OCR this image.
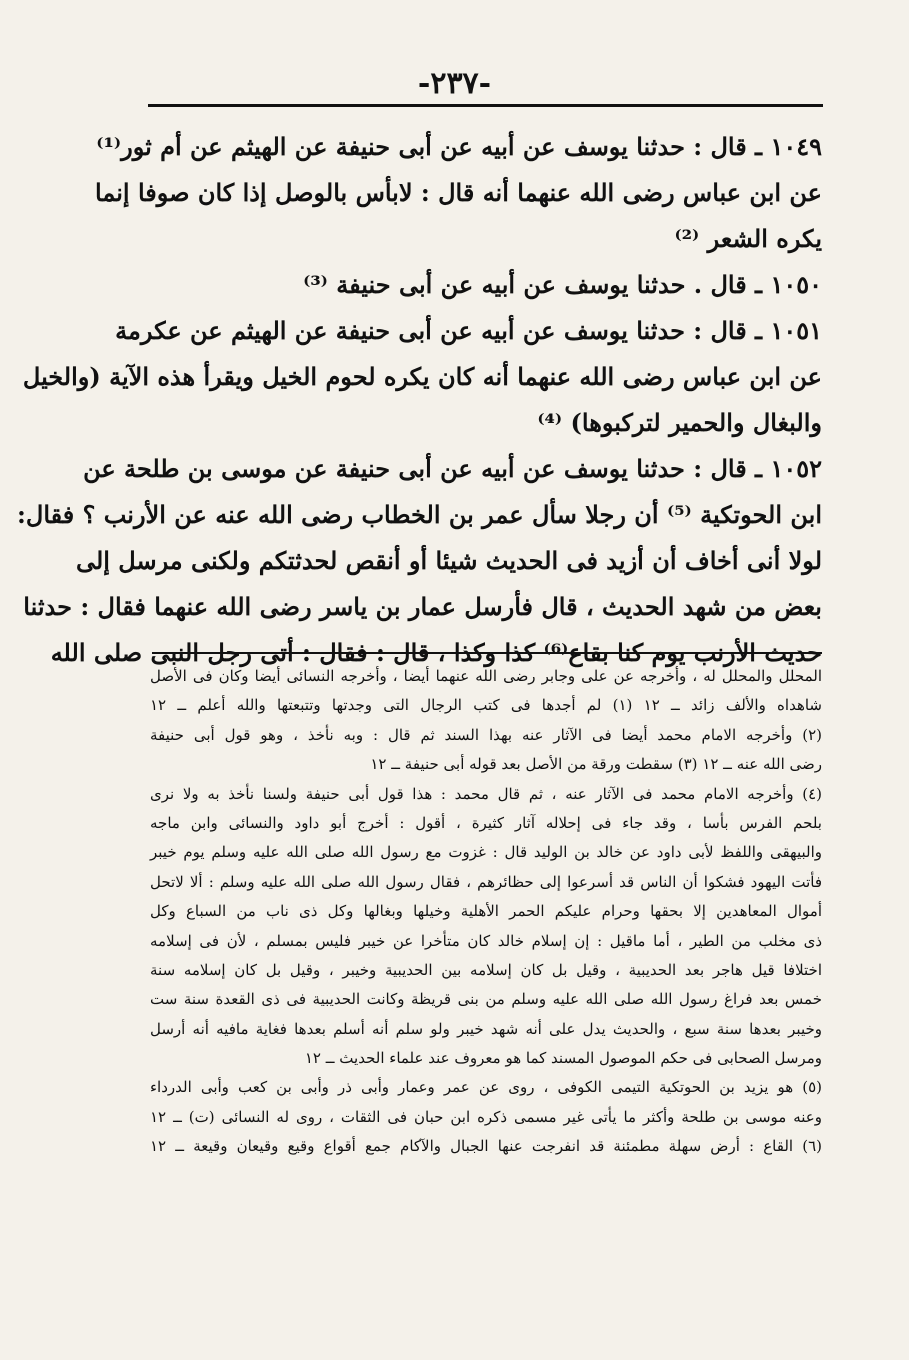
-٢٣٧-
١٠٤٩ ـ قال : حدثنا يوسف عن أبيه عن أبى حنيفة عن الهيثم عن أم ثور⁽¹⁾
عن ابن عباس رضى الله عنهما أنه قال : لابأس بالوصل إذا كان صوفا إنما
يكره الشعر ⁽²⁾
١٠٥٠ ـ قال . حدثنا يوسف عن أبيه عن أبى حنيفة ⁽³⁾
١٠٥١ ـ قال : حدثنا يوسف عن أبيه عن أبى حنيفة عن الهيثم عن عكرمة
عن ابن عباس رضى الله عنهما أنه كان يكره لحوم الخيل ويقرأ هذه الآية (والخيل
والبغال والحمير لتركبوها) ⁽⁴⁾
١٠٥٢ ـ قال : حدثنا يوسف عن أبيه عن أبى حنيفة عن موسى بن طلحة عن
ابن الحوتكية ⁽⁵⁾ أن رجلا سأل عمر بن الخطاب رضى الله عنه عن الأرنب ؟ فقال:
لولا أنى أخاف أن أزيد فى الحديث شيئا أو أنقص لحدثتكم ولكنى مرسل إلى
بعض من شهد الحديث ، قال فأرسل عمار بن ياسر رضى الله عنهما فقال : حدثنا
حديث الأرنب يوم كنا بقاع⁽⁶⁾ كذا وكذا ، قال : فقال : أتى رجل النبى صلى الله
المحلل والمحلل له ، وأخرجه عن على وجابر رضى الله عنهما أيضا ، وأخرجه النسائى أيضا وكان فى الأصل
شاهداه والألف زائد ــ ١٢ (١) لم أجدها فى كتب الرجال التى وجدتها وتتبعتها والله أعلم ــ ١٢
(٢) وأخرجه الامام محمد أيضا فى الآثار عنه بهذا السند ثم قال : وبه نأخذ ، وهو قول أبى حنيفة
رضى الله عنه ــ ١٢ (٣) سقطت ورقة من الأصل بعد قوله أبى حنيفة ــ ١٢
(٤) وأخرجه الامام محمد فى الآثار عنه ، ثم قال محمد : هذا قول أبى حنيفة ولسنا نأخذ به ولا نرى
بلحم الفرس بأسا ، وقد جاء فى إحلاله آثار كثيرة ، أقول : أخرج أبو داود والنسائى وابن ماجه
والبيهقى واللفظ لأبى داود عن خالد بن الوليد قال : غزوت مع رسول الله صلى الله عليه وسلم يوم خيبر
فأتت اليهود فشكوا أن الناس قد أسرعوا إلى حظائرهم ، فقال رسول الله صلى الله عليه وسلم : ألا لاتحل
أموال المعاهدين إلا بحقها وحرام عليكم الحمر الأهلية وخيلها وبغالها وكل ذى ناب من السباع وكل
ذى مخلب من الطير ، أما ماقيل : إن إسلام خالد كان متأخرا عن خيبر فليس بمسلم ، لأن فى إسلامه
اختلافا قيل هاجر بعد الحديبية ، وقيل بل كان إسلامه بين الحديبية وخيبر ، وقيل بل كان إسلامه سنة
خمس بعد فراغ رسول الله صلى الله عليه وسلم من بنى قريظة وكانت الحديبية فى ذى القعدة سنة ست
وخيبر بعدها سنة سبع ، والحديث يدل على أنه شهد خيبر ولو سلم أنه أسلم بعدها فغاية مافيه أنه أرسل
ومرسل الصحابى فى حكم الموصول المسند كما هو معروف عند علماء الحديث ــ ١٢
(٥) هو يزيد بن الحوتكية التيمى الكوفى ، روى عن عمر وعمار وأبى ذر وأبى بن كعب وأبى الدرداء
وعنه موسى بن طلحة وأكثر ما يأتى غير مسمى ذكره ابن حبان فى الثقات ، روى له النسائى (ت) ــ ١٢
(٦) القاع : أرض سهلة مطمئنة قد انفرجت عنها الجبال والآكام جمع أقواع وقيع وقيعان وقيعة ــ ١٢
